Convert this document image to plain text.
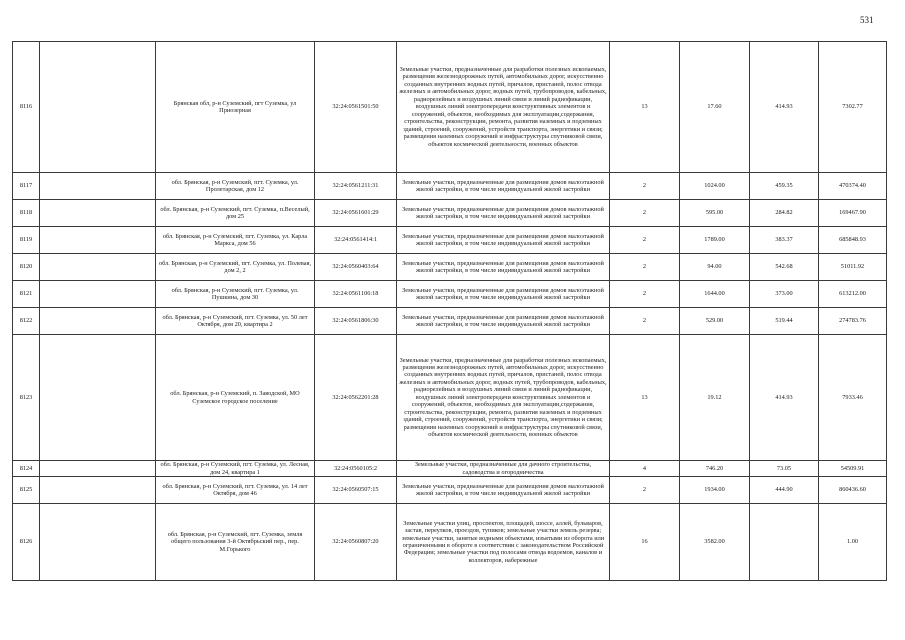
531
8116		Брянская обл, р-н Суземский, пгт Суземка, ул Приозерная	32:24:0561501:50	Земельные участки, предназначенные для разработки полезных ископаемых, размещения железнодорожных путей, автомобильных дорог, искусственно созданных внутренних водных путей, причалов, пристаней, полос отвода железных и автомобильных дорог, водных путей, трубопроводов, кабельных, радиорелейных и воздушных линий связи и линий радиофикации, воздушных линий электропередачи конструктивных элементов и сооружений, объектов, необходимых для эксплуатации,содержания, строительства, реконструкции, ремонта, развития наземных и подземных зданий, строений, сооружений, устройств транспорта, энергетики и связи; размещения наземных сооружений и инфраструктуры спутниковой связи, объектов космической деятельности, военных объектов	13	17.60	414.93	7302.77
8117		обл. Брянская, р-н Суземский, пгт. Суземка, ул. Пролетарская, дом 12	32:24:0561211:31	Земельные участки, предназначенные для размещения домов малоэтажной жилой застройки, в том числе индивидуальной жилой застройки	2	1024.00	459.35	470374.40
8118		обл. Брянская, р-н Суземский, пгт. Суземка, п.Веселый, дом 25	32:24:0561601:29	Земельные участки, предназначенные для размещения домов малоэтажной жилой застройки, в том числе индивидуальной жилой застройки	2	595.00	284.82	169467.90
8119		обл. Брянская, р-н Суземский, пгт. Суземка, ул. Карла Маркса, дом 56	32:24:0561414:1	Земельные участки, предназначенные для размещения домов малоэтажной жилой застройки, в том числе индивидуальной жилой застройки	2	1789.00	383.37	685848.93
8120		обл. Брянская, р-н Суземский, пгт. Суземка, ул. Полевая, дом 2, 2	32:24:0560403:64	Земельные участки, предназначенные для размещения домов малоэтажной жилой застройки, в том числе индивидуальной жилой застройки	2	94.00	542.68	51011.92
8121		обл. Брянская, р-н Суземский, пгт. Суземка, ул. Пушкина, дом 30	32:24:0561106:18	Земельные участки, предназначенные для размещения домов малоэтажной жилой застройки, в том числе индивидуальной жилой застройки	2	1644.00	373.00	613212.00
8122		обл. Брянская, р-н Суземский, пгт. Суземка, ул. 50 лет Октября, дом 20, квартира 2	32:24:0561806:30	Земельные участки, предназначенные для размещения домов малоэтажной жилой застройки, в том числе индивидуальной жилой застройки	2	529.00	519.44	274783.76
8123		обл. Брянская, р-н Суземский, п. Заводской, МО Суземское городское поселение	32:24:0562201:28	Земельные участки, предназначенные для разработки полезных ископаемых, размещения железнодорожных путей, автомобильных дорог, искусственно созданных внутренних водных путей, причалов, пристаней, полос отвода железных и автомобильных дорог, водных путей, трубопроводов, кабельных, радиорелейных и воздушных линий связи и линий радиофикации, воздушных линий электропередачи конструктивных элементов и сооружений, объектов, необходимых для эксплуатации,содержания, строительства, реконструкции, ремонта, развития наземных и подземных зданий, строений, сооружений, устройств транспорта, энергетики и связи; размещения наземных сооружений и инфраструктуры спутниковой связи, объектов космической деятельности, военных объектов	13	19.12	414.93	7933.46
8124		обл. Брянская, р-н Суземский, пгт. Суземка, ул. Лесная, дом 24, квартира 1	32:24:0560105:2	Земельные участки, предназначенные для дачного строительства, садоводства и огородничества	4	746.20	73.05	54509.91
8125		обл. Брянская, р-н Суземский, пгт. Суземка, ул. 14 лет Октября, дом 46	32:24:0560507:15	Земельные участки, предназначенные для размещения домов малоэтажной жилой застройки, в том числе индивидуальной жилой застройки	2	1934.00	444.90	860436.60
8126		обл. Брянская, р-н Суземский, пгт. Суземка, земля общего пользования 3-й Октябрьский пер., пер. М.Горького	32:24:0560807:20	Земельные участки улиц, проспектов, площадей, шоссе, аллей, бульваров, застав, переулков, проездов, тупиков; земельные участки земель резерва; земельные участки, занятые водными объектами, изъятыми из оборота или ограниченными в обороте в соответствии с законодательством Российской Федерации; земельные участки под полосами отвода водоемов, каналов и коллекторов, набережные	16	3582.00		1.00
